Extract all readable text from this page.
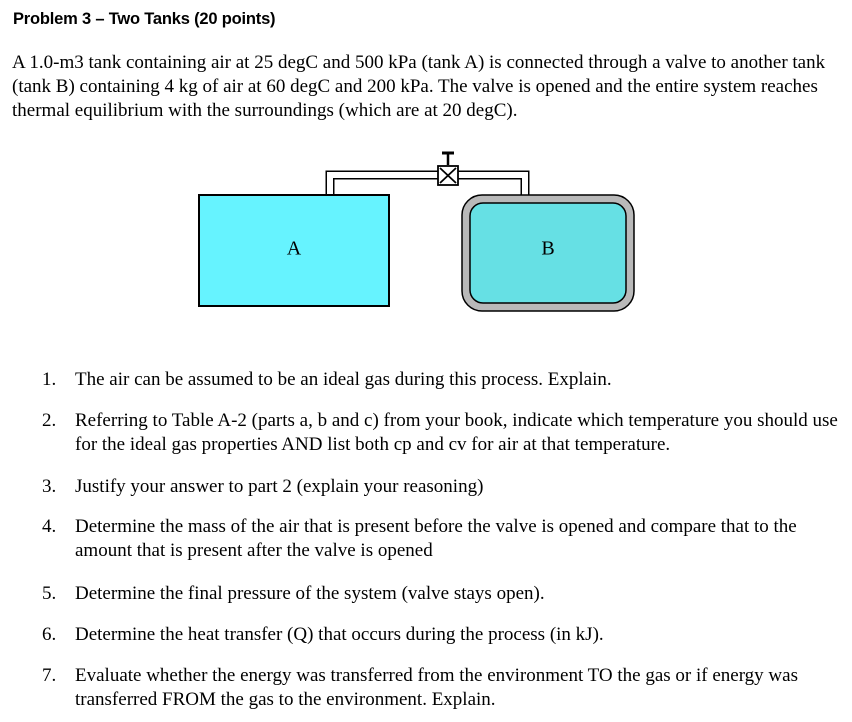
Problem 3 – Two Tanks (20 points)

A 1.0-m3 tank containing air at 25 degC and 500 kPa (tank A) is connected through a valve to another tank (tank B) containing 4 kg of air at 60 degC and 200 kPa. The valve is opened and the entire system reaches thermal equilibrium with the surroundings (which are at 20 degC).

A	B
1. The air can be assumed to be an ideal gas during this process. Explain.
2. Referring to Table A-2 (parts a, b and c) from your book, indicate which temperature you should use for the ideal gas properties AND list both cp and cv for air at that temperature.
3. Justify your answer to part 2 (explain your reasoning)
4. Determine the mass of the air that is present before the valve is opened and compare that to the amount that is present after the valve is opened
5. Determine the final pressure of the system (valve stays open).
6. Determine the heat transfer (Q) that occurs during the process (in kJ).
7. Evaluate whether the energy was transferred from the environment TO the gas or if energy was transferred FROM the gas to the environment. Explain.
